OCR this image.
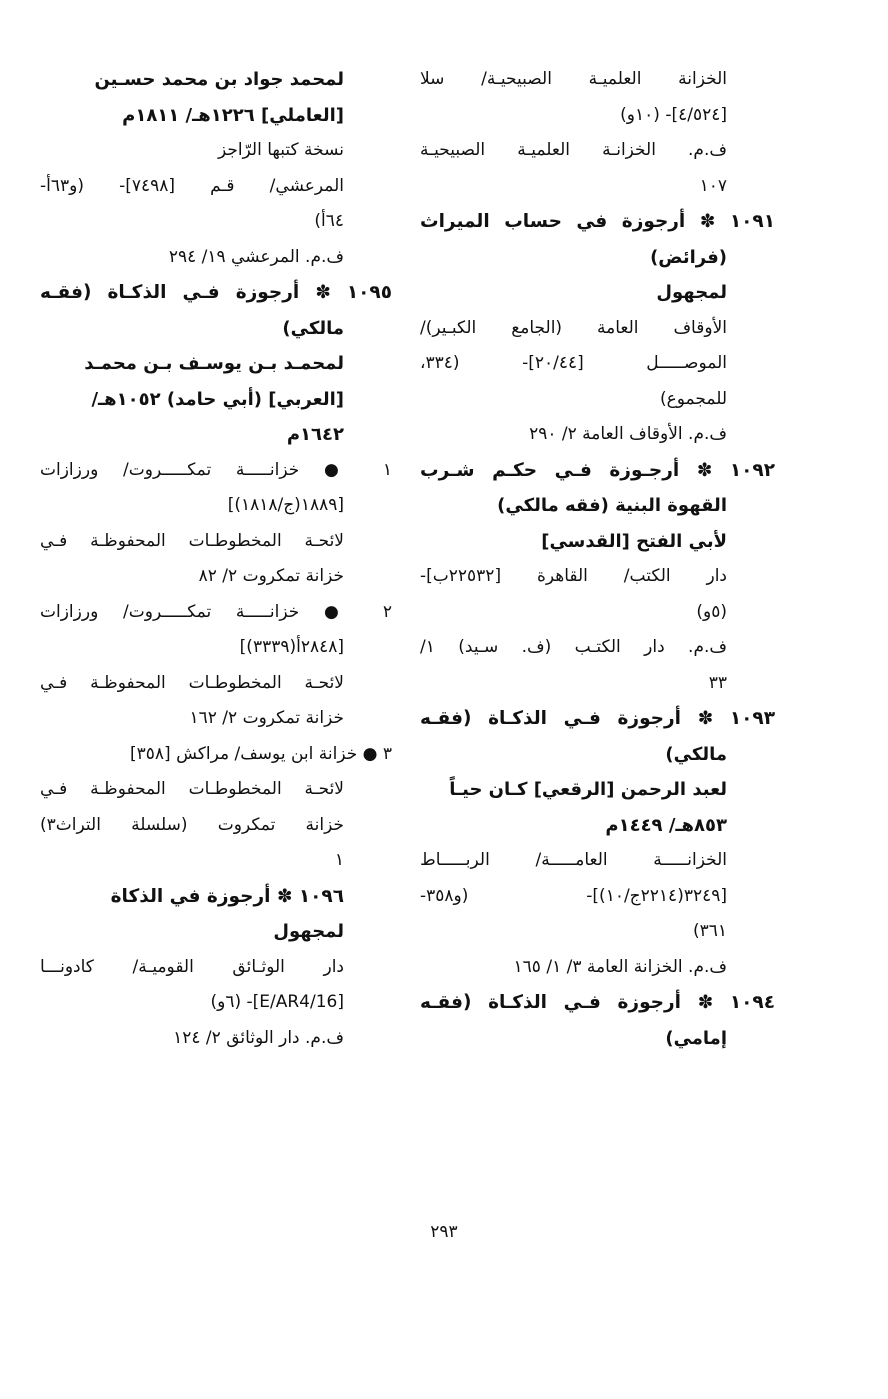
الخزانة العلميـة الصبيحيـة/ سلا
[٤/٥٢٤]- (١٠و)
ف.م. الخزانـة العلميـة الصبيحيـة
١٠٧
١٠٩١ ✽ أرجوزة في حساب الميراث
(فرائض)
لمجهول
الأوقاف العامة (الجامع الكبـير)/
الموصـــــل [٢٠/٤٤]- (٣٣٤،
للمجموع)
ف.م. الأوقاف العامة ٢/ ٢٩٠
١٠٩٢ ✽ أرجـوزة فـي حكـم شـرب
القهوة البنية (فقه مالكي)
لأبي الفتح [القدسي]
دار الكتب/ القاهرة [٢٢٥٣٢ب]-
(٥و)
ف.م. دار الكتـب (ف. سـيد) ١/
٣٣
١٠٩٣ ✽ أرجوزة فـي الذكـاة (فقـه
مالكي)
لعبد الرحمن [الرقعي] كـان حيـاً
٨٥٣هـ/ ١٤٤٩م
الخزانـــــة العامـــــة/ الربـــــاط
[٣٢٤٩(٢٢١٤ج/١٠)]- (و٣٥٨-
٣٦١)
ف.م. الخزانة العامة ٣/ ١/ ١٦٥
١٠٩٤ ✽ أرجوزة فـي الذكـاة (فقـه
إمامي)
لمحمد جواد بن محمد حسـين
[العاملي] ١٢٢٦هـ/ ١٨١١م
نسخة كتبها الرّاجز
المرعشي/ قـم [٧٤٩٨]- (و٦٣أ-
٦٤أ)
ف.م. المرعشي ١٩/ ٢٩٤
١٠٩٥ ✽ أرجوزة فـي الذكـاة (فقـه
مالكي)
لمحمـد بـن يوسـف بـن محمـد
[العربي] (أبي حامد) ١٠٥٢هـ/
١٦٤٢م
١ ● خزانـــــة تمكـــــروت/ ورزازات
[١٨٨٩(ج/١٨١٨)]
لائحـة المخطوطـات المحفوظـة فـي
خزانة تمكروت ٢/ ٨٢
٢ ● خزانـــــة تمكـــــروت/ ورزازات
[٢٨٤٨أ(٣٣٣٩)]
لائحـة المخطوطـات المحفوظـة فـي
خزانة تمكروت ٢/ ١٦٢
٣ ● خزانة ابن يوسف/ مراكش [٣٥٨]
لائحـة المخطوطـات المحفوظـة فـي
خزانة تمكروت (سلسلة التراث٣)
١
١٠٩٦ ✽ أرجوزة في الذكاة
لمجهول
دار الوثـائق القوميـة/ كادونـــا
[E/AR4/16]- (٦و)
ف.م. دار الوثائق ٢/ ١٢٤
٢٩٣
